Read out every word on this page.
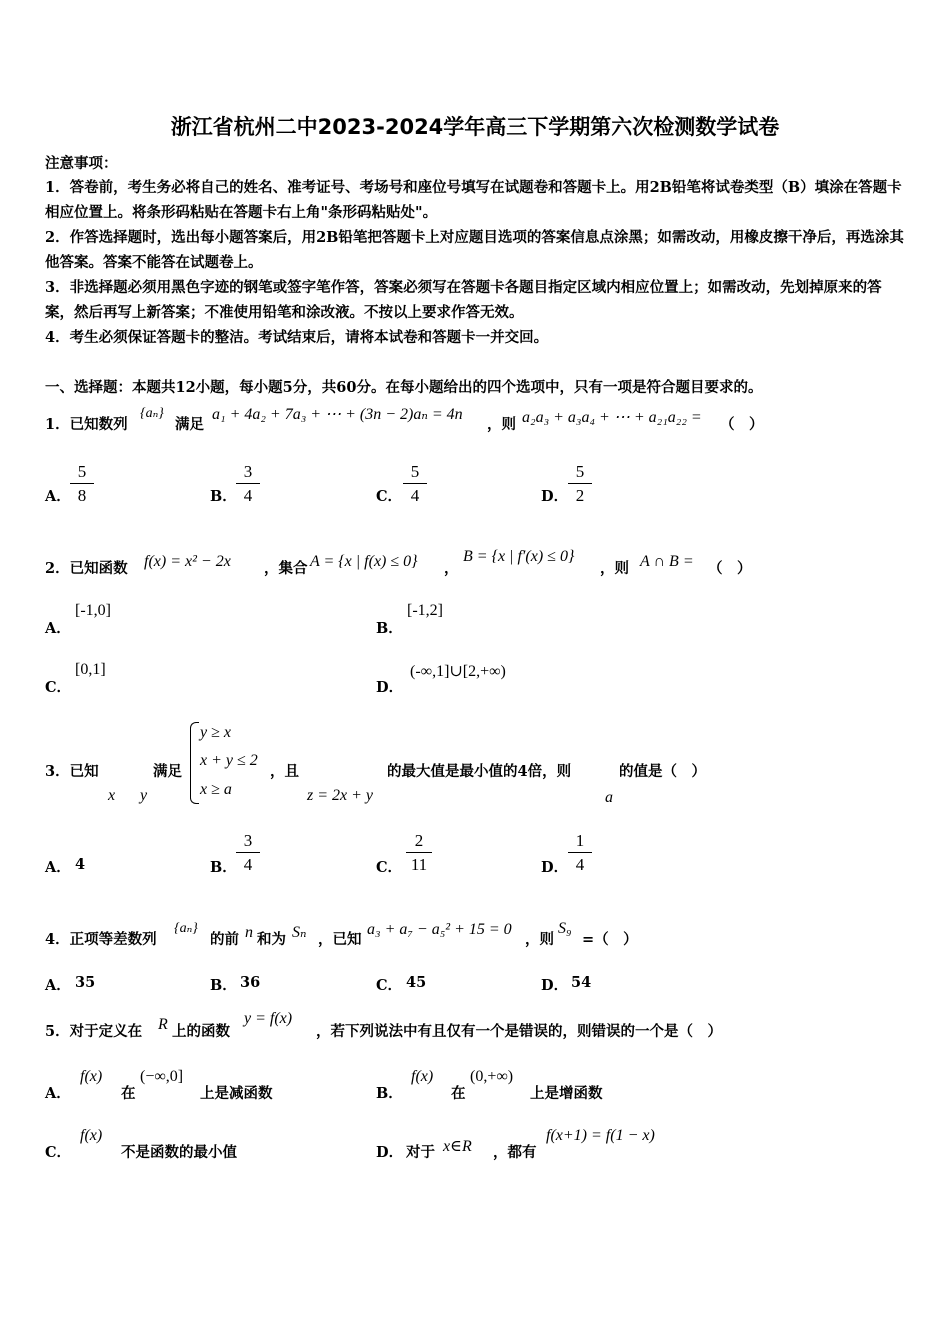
浙江省杭州二中2023-2024学年高三下学期第六次检测数学试卷
注意事项：
1．答卷前，考生务必将自己的姓名、准考证号、考场号和座位号填写在试题卷和答题卡上。用2B铅笔将试卷类型（B）填涂在答题卡相应位置上。将条形码粘贴在答题卡右上角"条形码粘贴处"。
2．作答选择题时，选出每小题答案后，用2B铅笔把答题卡上对应题目选项的答案信息点涂黑；如需改动，用橡皮擦干净后，再选涂其他答案。答案不能答在试题卷上。
3．非选择题必须用黑色字迹的钢笔或签字笔作答，答案必须写在答题卡各题目指定区域内相应位置上；如需改动，先划掉原来的答案，然后再写上新答案；不准使用铅笔和涂改液。不按以上要求作答无效。
4．考生必须保证答题卡的整洁。考试结束后，请将本试卷和答题卡一并交回。
一、选择题：本题共12小题，每小题5分，共60分。在每小题给出的四个选项中，只有一项是符合题目要求的。
1．已知数列
{aₙ}
满足
a₁ + 4a₂ + 7a₃ + ⋯ + (3n − 2)aₙ = 4n
，则 a₂a₃ + a₃a₄ + ⋯ + a₂₁a₂₂ = （　）
A． $\frac{5}{8}$	B． $\frac{3}{4}$	C． $\frac{5}{4}$	D． $\frac{5}{2}$
2．已知函数 f(x) = x² − 2x ，集合 A = {x | f(x) ≤ 0} ，
B = {x | f′(x) ≤ 0}
，则 A ∩ B = （　）
A．
[-1,0]
B．
[-1,2]
C．
[0,1]
D．
(-∞,1]∪[2,+∞)
3．已知
x y
满足
y ≥ x
x + y ≤ 2
x ≥ a
，且
z = 2x + y
的最大值是最小值的4倍，则
a
的值是（　）
A． 4	B． $\frac{3}{4}$	C． $\frac{2}{11}$	D． $\frac{1}{4}$
4．正项等差数列
{aₙ}
的前 n 和为 Sₙ ，已知
a₃ + a₇ − a₅² + 15 = 0
，则
S₉
=（　）
A． 35	B． 36	C． 45	D． 54
5．对于定义在 R 上的函数
y = f(x)
，若下列说法中有且仅有一个是错误的，则错误的一个是（　）
A．
f(x)
在
(−∞,0]
上是减函数	B．
f(x)
在
(0,+∞)
上是增函数
C．
f(x)
不是函数的最小值	D． 对于 x∈R ，都有
f(x+1) = f(1 − x)
